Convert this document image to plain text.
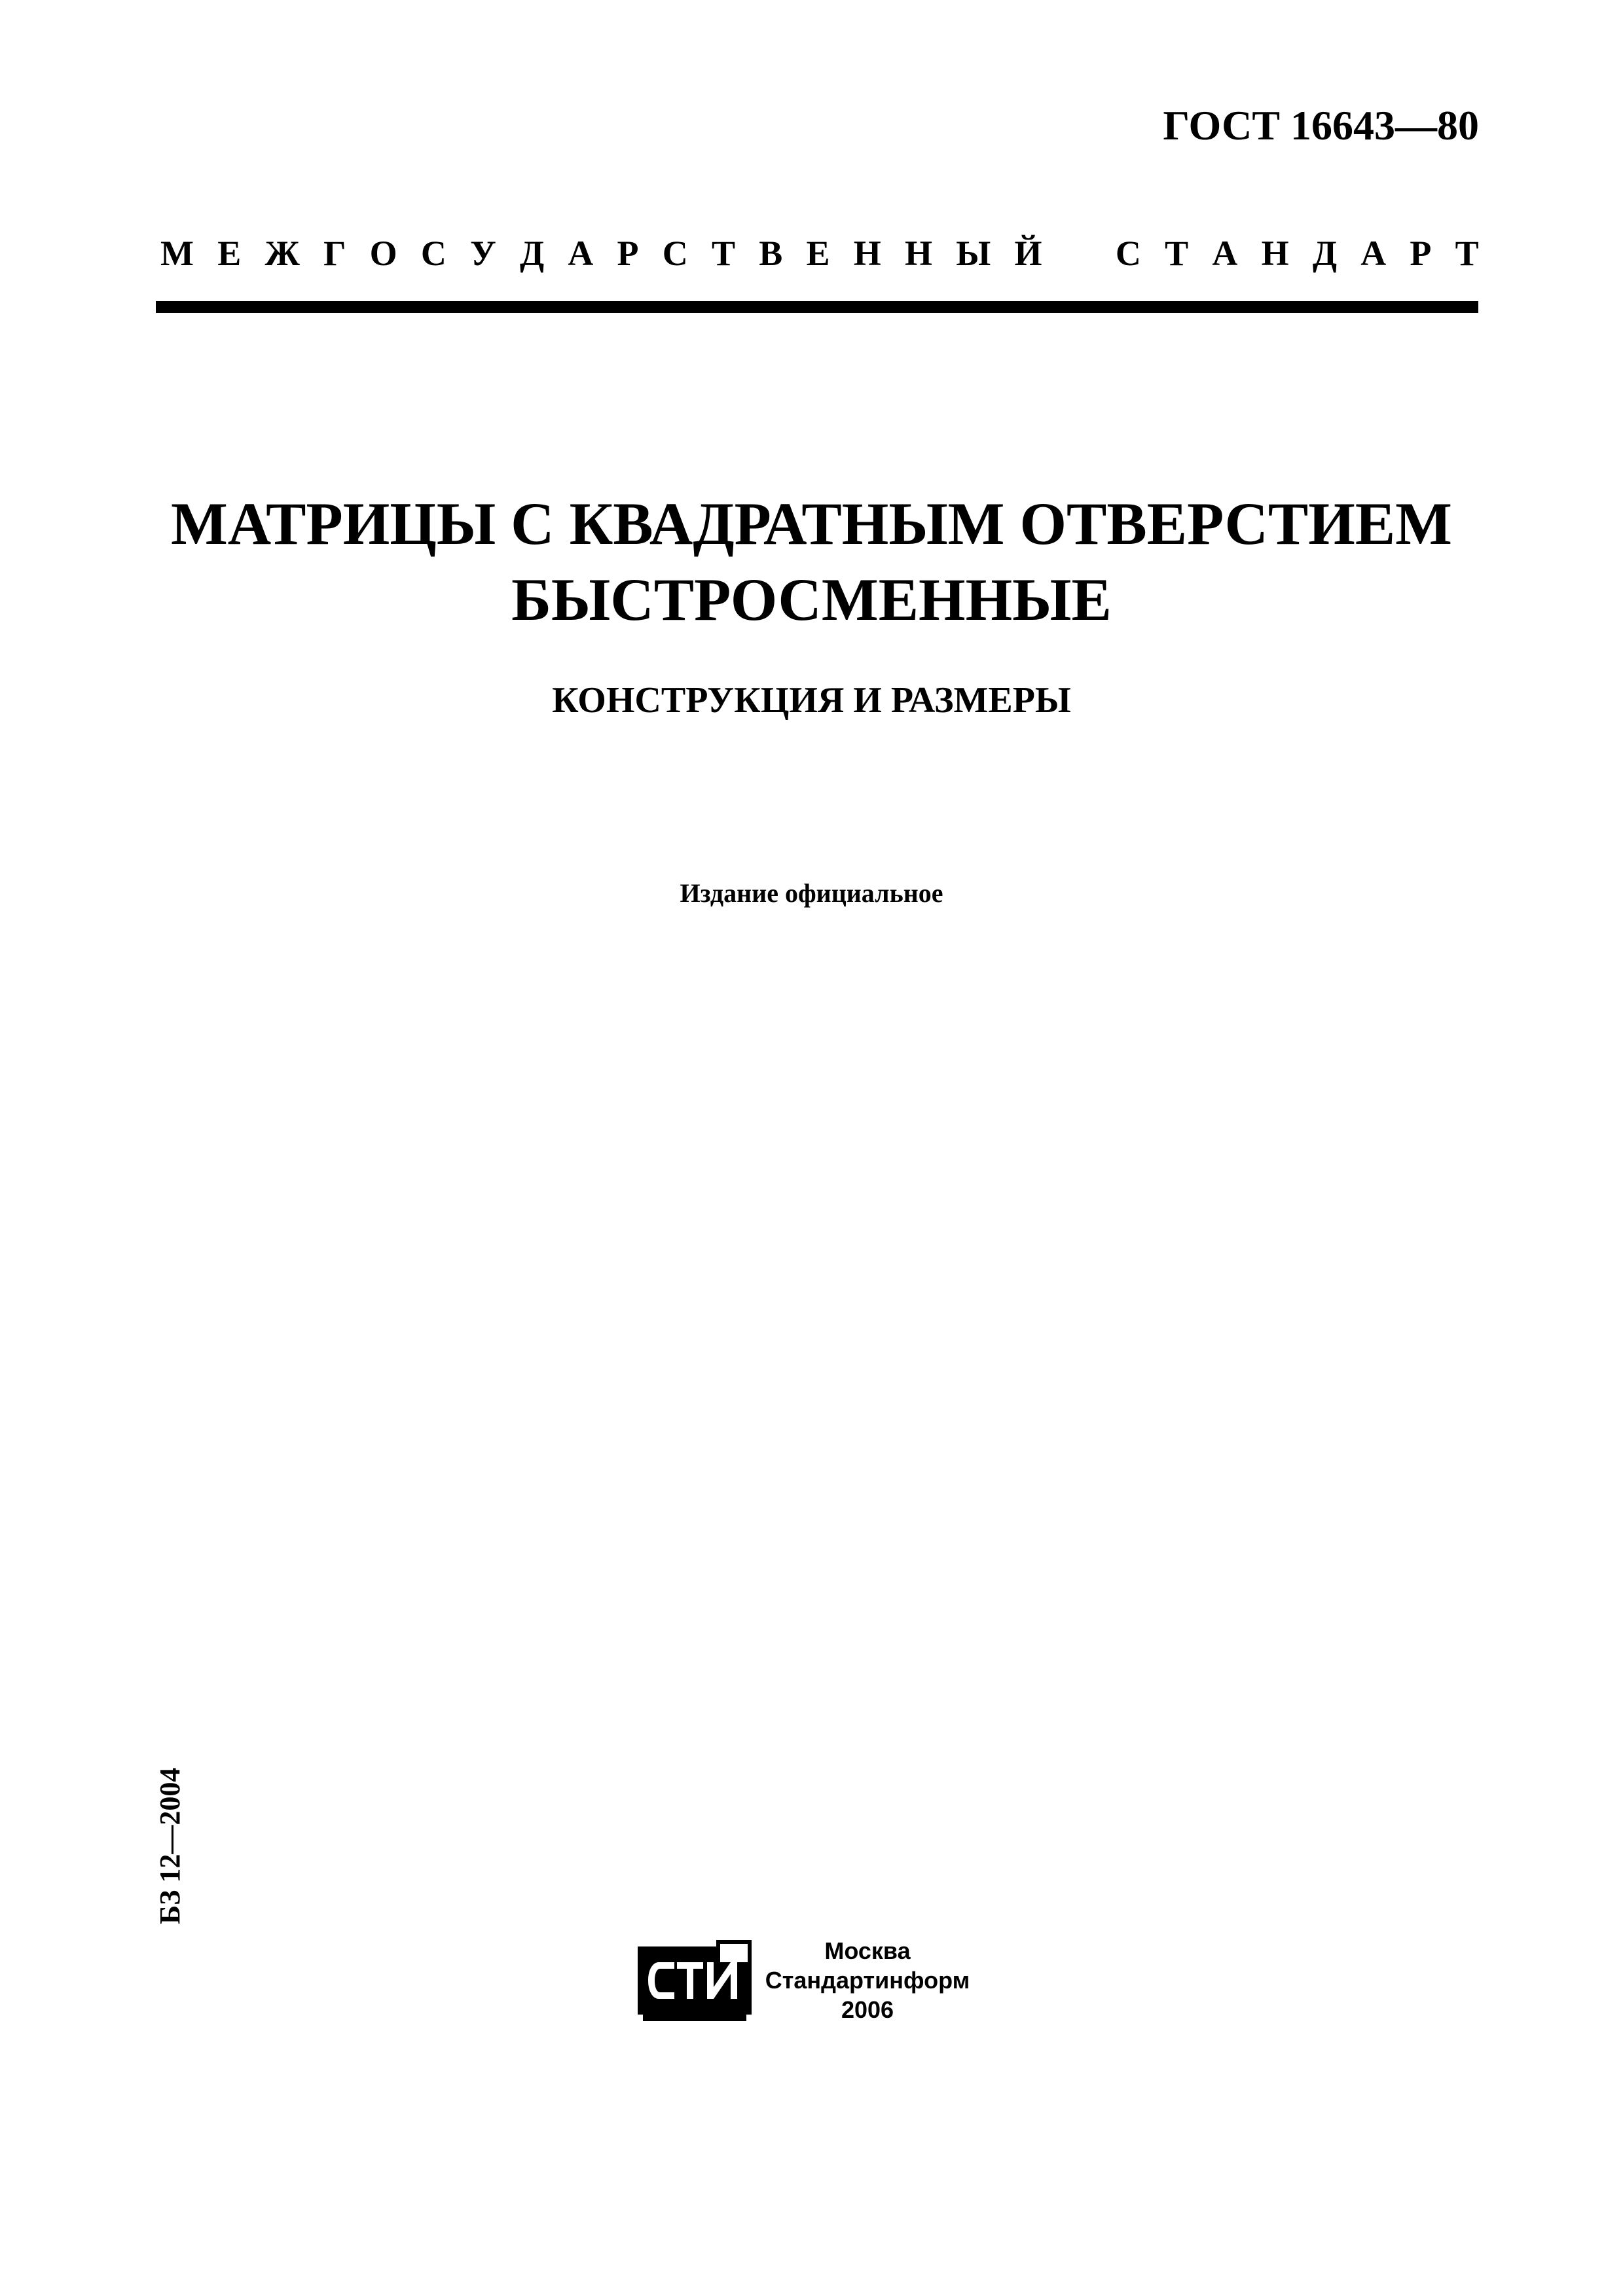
ГОСТ 16643—80
М Е Ж Г О С У Д А Р С Т В Е Н Н Ы Й С Т А Н Д А Р Т
МАТРИЦЫ С КВАДРАТНЫМ ОТВЕРСТИЕМ
БЫСТРОСМЕННЫЕ
КОНСТРУКЦИЯ И РАЗМЕРЫ
Издание официальное
БЗ 12—2004
Москва
Стандартинформ
2006
